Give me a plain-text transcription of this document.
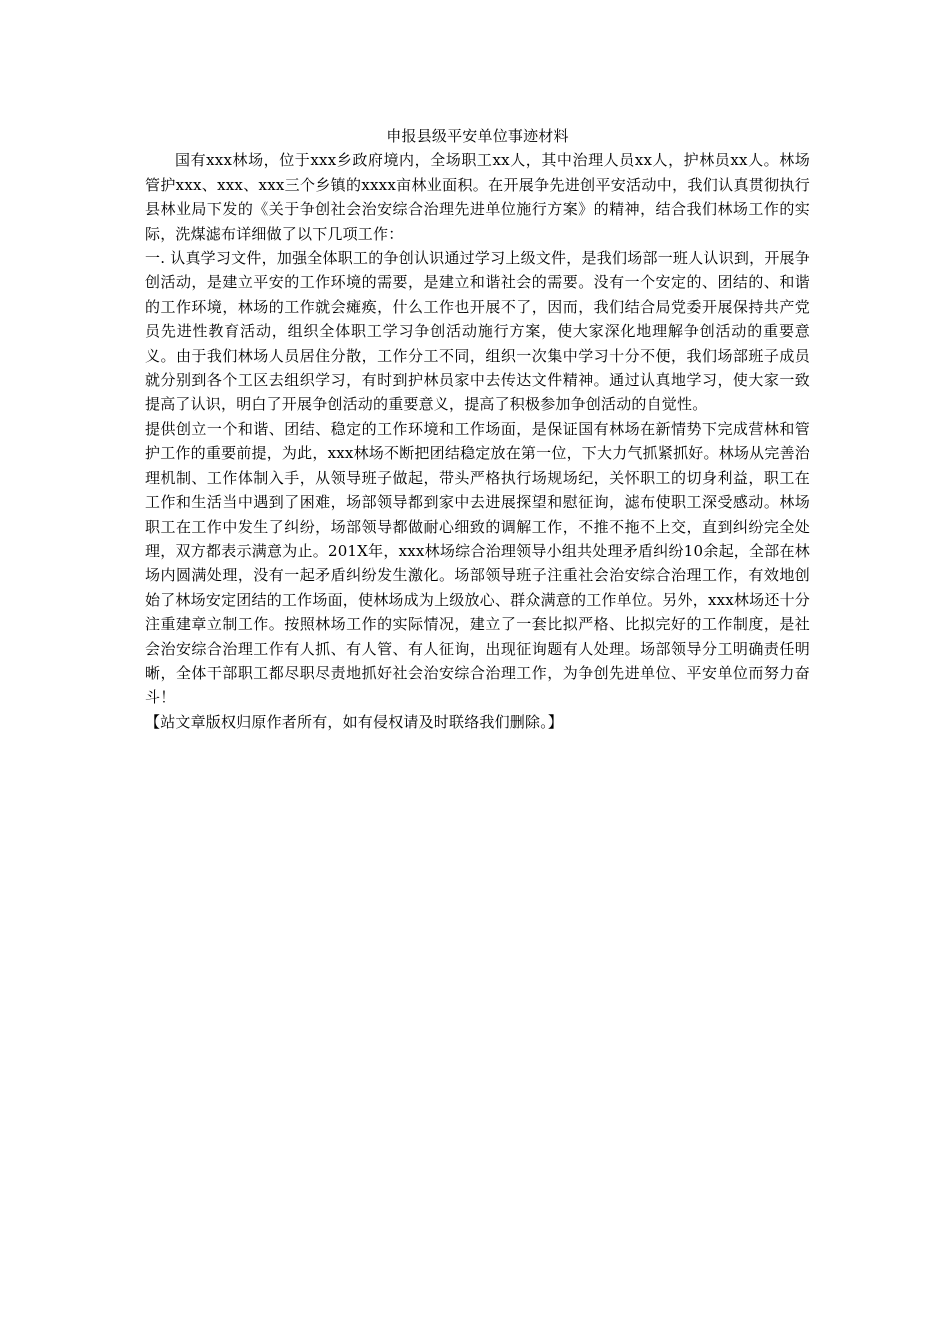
申报县级平安单位事迹材料

国有xxx林场，位于xxx乡政府境内，全场职工xx人，其中治理人员xx人，护林员xx人。林场管护xxx、xxx、xxx三个乡镇的xxxx亩林业面积。在开展争先进创平安活动中，我们认真贯彻执行县林业局下发的《关于争创社会治安综合治理先进单位施行方案》的精神，结合我们林场工作的实际，洗煤滤布详细做了以下几项工作：

一. 认真学习文件，加强全体职工的争创认识通过学习上级文件，是我们场部一班人认识到，开展争创活动，是建立平安的工作环境的需要，是建立和谐社会的需要。没有一个安定的、团结的、和谐的工作环境，林场的工作就会瘫痪，什么工作也开展不了，因而，我们结合局党委开展保持共产党员先进性教育活动，组织全体职工学习争创活动施行方案，使大家深化地理解争创活动的重要意义。由于我们林场人员居住分散，工作分工不同，组织一次集中学习十分不便，我们场部班子成员就分别到各个工区去组织学习，有时到护林员家中去传达文件精神。通过认真地学习，使大家一致提高了认识，明白了开展争创活动的重要意义，提高了积极参加争创活动的自觉性。

提供创立一个和谐、团结、稳定的工作环境和工作场面，是保证国有林场在新情势下完成营林和管护工作的重要前提，为此，xxx林场不断把团结稳定放在第一位，下大力气抓紧抓好。林场从完善治理机制、工作体制入手，从领导班子做起，带头严格执行场规场纪，关怀职工的切身利益，职工在工作和生活当中遇到了困难，场部领导都到家中去进展探望和慰征询，滤布使职工深受感动。林场职工在工作中发生了纠纷，场部领导都做耐心细致的调解工作，不推不拖不上交，直到纠纷完全处理，双方都表示满意为止。201X年，xxx林场综合治理领导小组共处理矛盾纠纷10余起，全部在林场内圆满处理，没有一起矛盾纠纷发生激化。场部领导班子注重社会治安综合治理工作，有效地创始了林场安定团结的工作场面，使林场成为上级放心、群众满意的工作单位。另外，xxx林场还十分注重建章立制工作。按照林场工作的实际情况，建立了一套比拟严格、比拟完好的工作制度，是社会治安综合治理工作有人抓、有人管、有人征询，出现征询题有人处理。场部领导分工明确责任明晰，全体干部职工都尽职尽责地抓好社会治安综合治理工作，为争创先进单位、平安单位而努力奋斗！

【站文章版权归原作者所有，如有侵权请及时联络我们删除。】
